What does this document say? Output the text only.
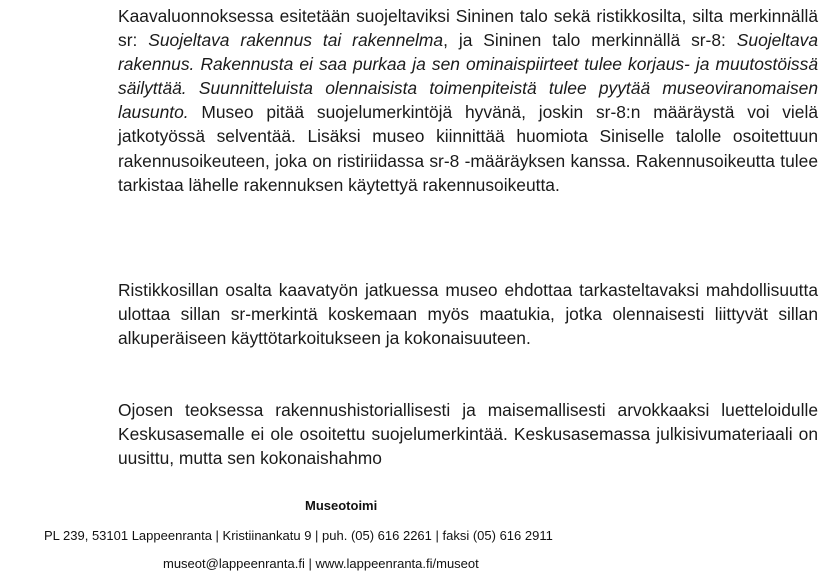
Kaavaluonnoksessa esitetään suojeltaviksi Sininen talo sekä ristikkosilta, silta merkinnällä sr: Suojeltava rakennus tai rakennelma, ja Sininen talo merkinnällä sr-8: Suojeltava rakennus. Rakennusta ei saa purkaa ja sen ominaispiirteet tulee korjaus- ja muutostöissä säilyttää. Suunnitteluista olennaisista toimenpiteistä tulee pyytää museoviranomaisen lausunto. Museo pitää suojelumerkintöjä hyvänä, joskin sr-8:n määräystä voi vielä jatkotyössä selventää. Lisäksi museo kiinnittää huomiota Siniselle talolle osoitettuun rakennusoikeuteen, joka on ristiriidassa sr-8 -määräyksen kanssa. Rakennusoikeutta tulee tarkistaa lähelle rakennuksen käytettyä rakennusoikeutta.
Ristikkosillan osalta kaavatyön jatkuessa museo ehdottaa tarkasteltavaksi mahdollisuutta ulottaa sillan sr-merkintä koskemaan myös maatukia, jotka olennaisesti liittyvät sillan alkuperäiseen käyttötarkoitukseen ja kokonaisuuteen.
Ojosen teoksessa rakennushistoriallisesti ja maisemallisesti arvokkaaksi luetteloidulle Keskusasemalle ei ole osoitettu suojelumerkintää. Keskusasemassa julkisivumateriaali on uusittu, mutta sen kokonaishahmo
Museotoimi
PL 239, 53101 Lappeenranta | Kristiinankatu 9 | puh. (05) 616 2261 | faksi (05) 616 2911
museot@lappeenranta.fi | www.lappeenranta.fi/museot
